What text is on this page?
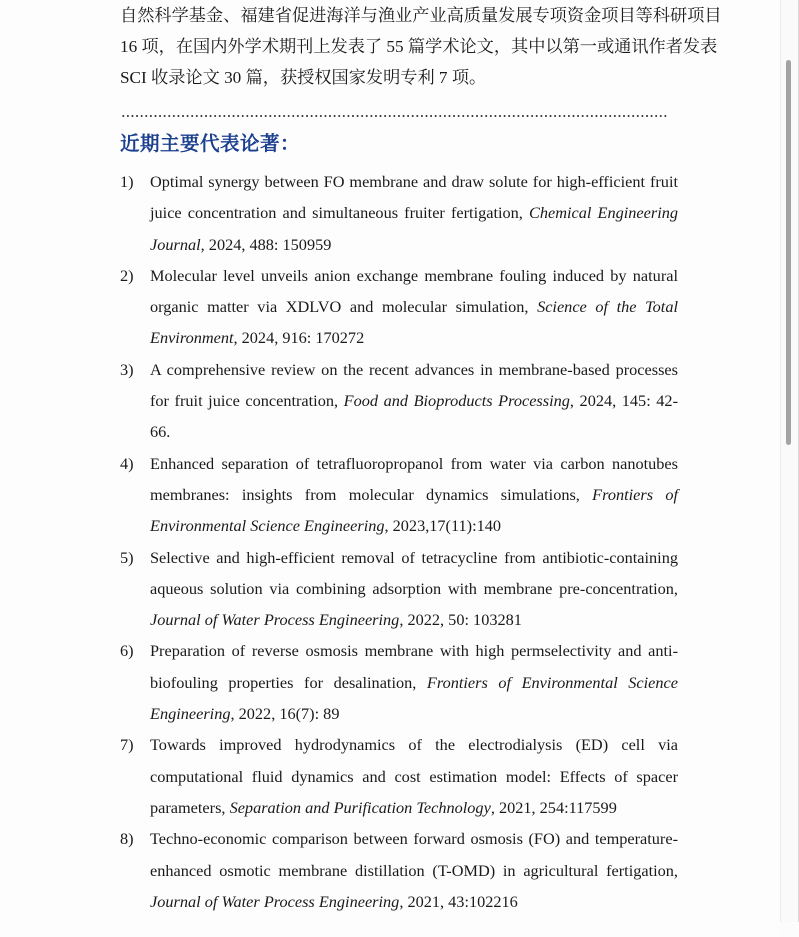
自然科学基金、福建省促进海洋与渔业产业高质量发展专项资金项目等科研项目

16 项，在国内外学术期刊上发表了 55 篇学术论文，其中以第一或通讯作者发表

SCI 收录论文 30 篇，获授权国家发明专利 7 项。

近期主要代表论著：
1)	Optimal synergy between FO membrane and draw solute for high-efficient fruit juice concentration and simultaneous fruiter fertigation, Chemical Engineering Journal, 2024, 488: 150959
2)	Molecular level unveils anion exchange membrane fouling induced by natural organic matter via XDLVO and molecular simulation, Science of the Total Environment, 2024, 916: 170272
3)	A comprehensive review on the recent advances in membrane-based processes for fruit juice concentration, Food and Bioproducts Processing, 2024, 145: 42-66.
4)	Enhanced separation of tetrafluoropropanol from water via carbon nanotubes membranes: insights from molecular dynamics simulations, Frontiers of Environmental Science Engineering, 2023,17(11):140
5)	Selective and high-efficient removal of tetracycline from antibiotic-containing aqueous solution via combining adsorption with membrane pre-concentration, Journal of Water Process Engineering, 2022, 50: 103281
6)	Preparation of reverse osmosis membrane with high permselectivity and anti-biofouling properties for desalination, Frontiers of Environmental Science Engineering, 2022, 16(7): 89
7)	Towards improved hydrodynamics of the electrodialysis (ED) cell via computational fluid dynamics and cost estimation model: Effects of spacer parameters, Separation and Purification Technology, 2021, 254:117599
8)	Techno-economic comparison between forward osmosis (FO) and temperature-enhanced osmotic membrane distillation (T-OMD) in agricultural fertigation, Journal of Water Process Engineering, 2021, 43:102216
